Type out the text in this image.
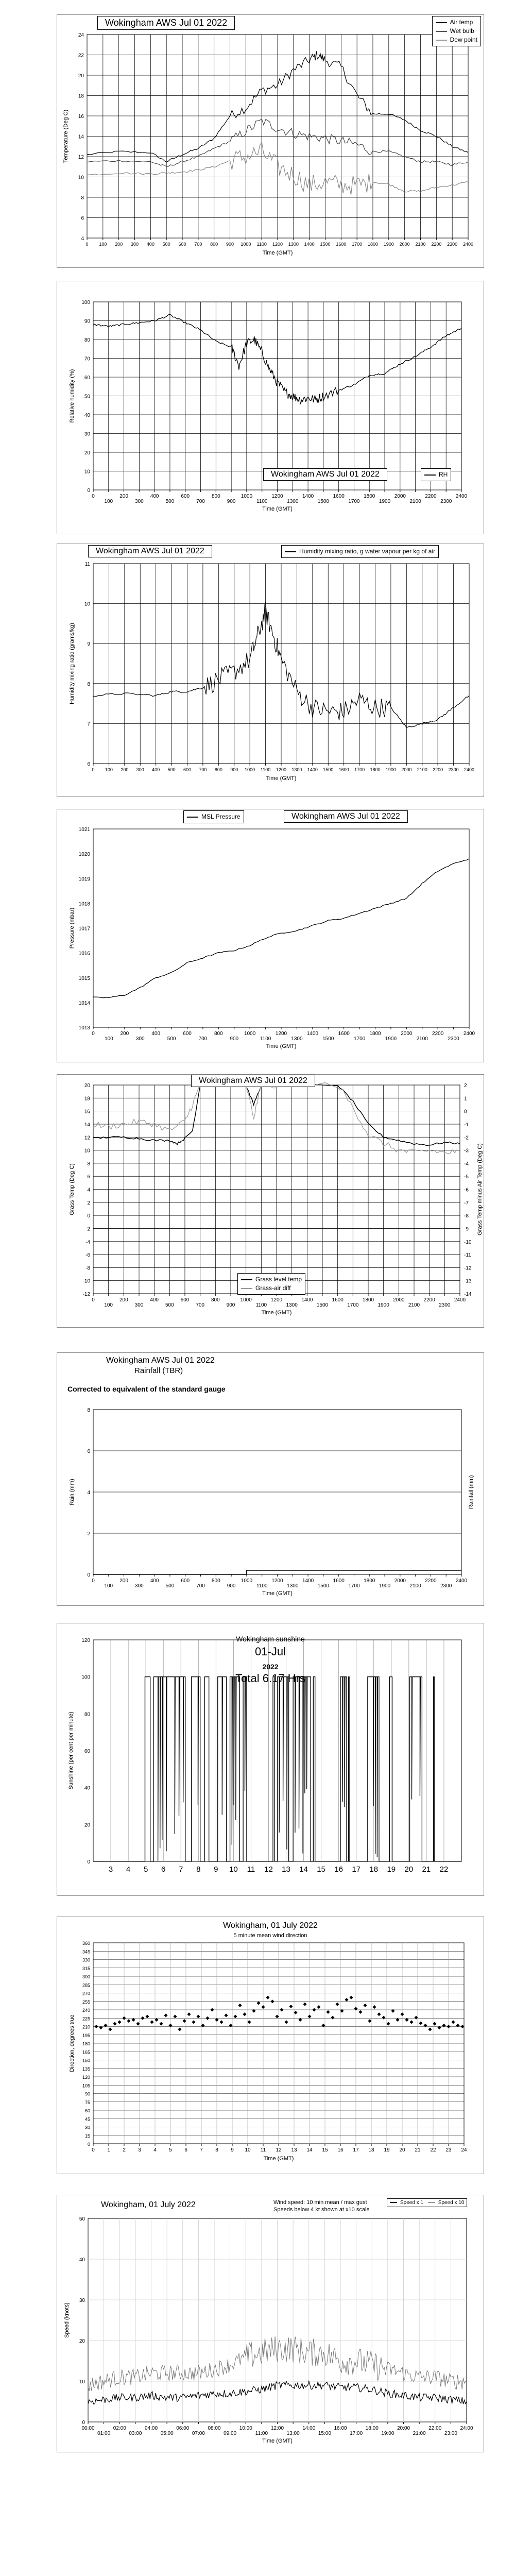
4
6
8
10
12
14
16
18
20
22
24
0 100 200 300 400 500 600 700 800 900 1000 1100 1200 1300 1400 1500 1600 1700 1800 1900 2000 2100 2200 2300 2400
Time (GMT)
Temperature (Deg C)
Wokingham AWS Jul 01 2022	Air temp
Wet bulb
Dew point
0
10
20
30
40
50
60
70
80
90
100
0
100
200
300
400
500
600
700
800
900
1000
1100
1200
1300
1400
1500
1600
1700
1800
1900
2000
2100
2200
2300
2400
Time (GMT)
Relative humidity (%)
Wokingham AWS Jul 01 2022	RH
6
7
8
9
10
11
0 100 200 300 400 500 600 700 800 900 1000 1100 1200 1300 1400 1500 1600 1700 1800 1900 2000 2100 2200 2300 2400
Time (GMT)
Humidity mixing ratio (grams/kg)
Wokingham AWS Jul 01 2022	Humidity mixing ratio, g water vapour per kg of air
1013
1014
1015
1016
1017
1018
1019
1020
1021
0
100
200
300
400
500
600
700
800
900
1000
1100
1200
1300
1400
1500
1600
1700
1800
1900
2000
2100
2200
2300
2400
Time (GMT)
Pressure (mbar)
MSL Pressure	Wokingham AWS Jul 01 2022
-12
-10
-8
-6
-4
-2
0
2
4
6
8
10
12
14
16
18
20
0
100
200
300
400
500
600
700
800
900
1000
1100
1200
1300
1400
1500
1600
1700
1800
1900
2000
2100
2200
2300
2400
Time (GMT)
Grass Temp (Deg C)
-14
-13
-12
-11
-10
-9
-8
-7
-6
-5
-4
-3
-2
-1
0
1
2
Grass Temp minus Air Temp (Deg C)
Wokingham AWS Jul 01 2022
Grass level temp
Grass-air diff
0
2
4
6
8
0
100
200
300
400
500
600
700
800
900
1000
1100
1200
1300
1400
1500
1600
1700
1800
1900
2000
2100
2200
2300
2400
Time (GMT)
Rain (mm)	Rainfall (mm)
Wokingham AWS Jul 01 2022
Rainfall (TBR)
Corrected to equivalent of the standard gauge
3 4 5 6 7 8 9 10 11 12 13 14 15 16 17 18 19 20 21 22
0
20
40
60
80
100
120
Sunshine (per cent per minute)
Wokingham sunshine
01-Jul
2022
Total 6.17 Hrs
0
15
30
45
60
75
90
105
120
135
150
165
180
195
210
225
240
255
270
285
300
315
330
345
360
0 1 2 3 4 5 6 7 8 9 10 11 12 13 14 15 16 17 18 19 20 21 22 23 24
Time (GMT)
Direction, degrees true
Wokingham, 01 July 2022
5 minute mean wind direction
0
10
20
30
40
50
00:00
01:00
02:00
03:00
04:00
05:00
06:00
07:00
08:00
09:00
10:00
11:00
12:00
13:00
14:00
15:00
16:00
17:00
18:00
19:00
20:00
21:00
22:00
23:00
24:00
Time (GMT)
Speed (knots)
Wokingham, 01 July 2022	Wind speed: 10 min mean / max gust
Speeds below 4 kt shown at x10 scale
Speed x 1	Speed x 10
